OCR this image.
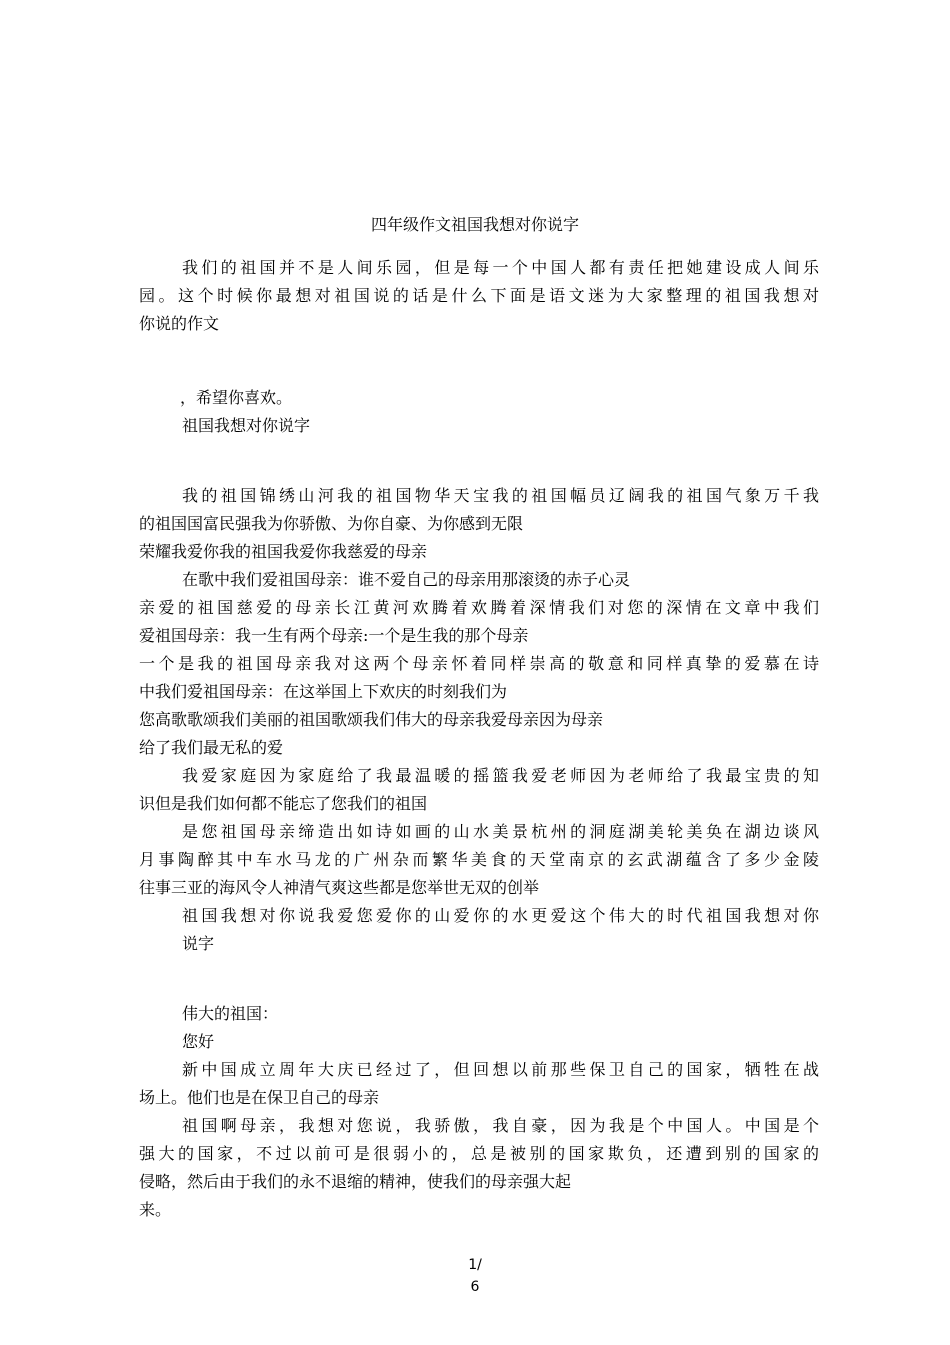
四年级作文祖国我想对你说字
我们的祖国并不是人间乐园，但是每一个中国人都有责任把她建设成人间乐
园。这个时候你最想对祖国说的话是什么下面是语文迷为大家整理的祖国我想对
你说的作文
，希望你喜欢。
祖国我想对你说字
我的祖国锦绣山河我的祖国物华天宝我的祖国幅员辽阔我的祖国气象万千我
的祖国国富民强我为你骄傲、为你自豪、为你感到无限
荣耀我爱你我的祖国我爱你我慈爱的母亲
在歌中我们爱祖国母亲：谁不爱自己的母亲用那滚烫的赤子心灵
亲爱的祖国慈爱的母亲长江黄河欢腾着欢腾着深情我们对您的深情在文章中我们
爱祖国母亲：我一生有两个母亲:一个是生我的那个母亲
一个是我的祖国母亲我对这两个母亲怀着同样崇高的敬意和同样真挚的爱慕在诗
中我们爱祖国母亲：在这举国上下欢庆的时刻我们为
您高歌歌颂我们美丽的祖国歌颂我们伟大的母亲我爱母亲因为母亲
给了我们最无私的爱
我爱家庭因为家庭给了我最温暖的摇篮我爱老师因为老师给了我最宝贵的知
识但是我们如何都不能忘了您我们的祖国
是您祖国母亲缔造出如诗如画的山水美景杭州的洞庭湖美轮美奂在湖边谈风
月事陶醉其中车水马龙的广州杂而繁华美食的天堂南京的玄武湖蕴含了多少金陵
往事三亚的海风令人神清气爽这些都是您举世无双的创举
祖国我想对你说我爱您爱你的山爱你的水更爱这个伟大的时代祖国我想对你
说字
伟大的祖国：
您好
新中国成立周年大庆已经过了，但回想以前那些保卫自己的国家，牺牲在战
场上。他们也是在保卫自己的母亲
祖国啊母亲，我想对您说，我骄傲，我自豪，因为我是个中国人。中国是个
强大的国家，不过以前可是很弱小的，总是被别的国家欺负，还遭到别的国家的
侵略，然后由于我们的永不退缩的精神，使我们的母亲强大起
来。
1/
6
